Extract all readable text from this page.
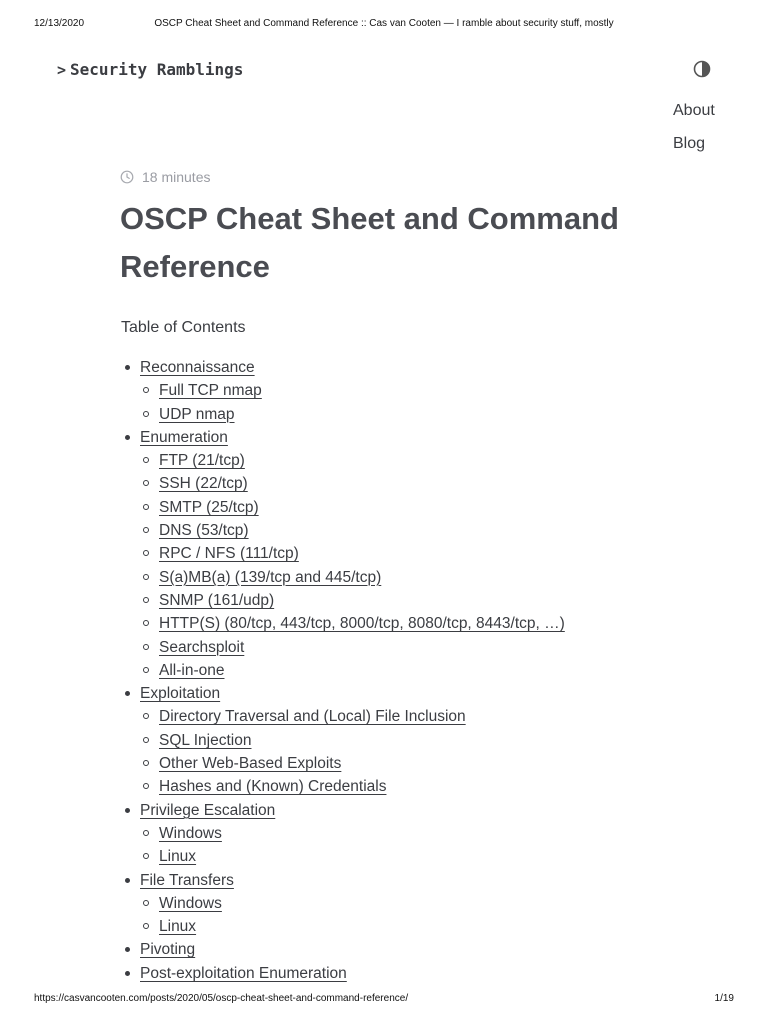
12/13/2020	OSCP Cheat Sheet and Command Reference :: Cas van Cooten — I ramble about security stuff, mostly
> Security Ramblings
About
Blog
18 minutes
OSCP Cheat Sheet and Command Reference
Table of Contents
Reconnaissance
Full TCP nmap
UDP nmap
Enumeration
FTP (21/tcp)
SSH (22/tcp)
SMTP (25/tcp)
DNS (53/tcp)
RPC / NFS (111/tcp)
S(a)MB(a) (139/tcp and 445/tcp)
SNMP (161/udp)
HTTP(S) (80/tcp, 443/tcp, 8000/tcp, 8080/tcp, 8443/tcp, …)
Searchsploit
All-in-one
Exploitation
Directory Traversal and (Local) File Inclusion
SQL Injection
Other Web-Based Exploits
Hashes and (Known) Credentials
Privilege Escalation
Windows
Linux
File Transfers
Windows
Linux
Pivoting
Post-exploitation Enumeration
https://casvancooten.com/posts/2020/05/oscp-cheat-sheet-and-command-reference/	1/19
